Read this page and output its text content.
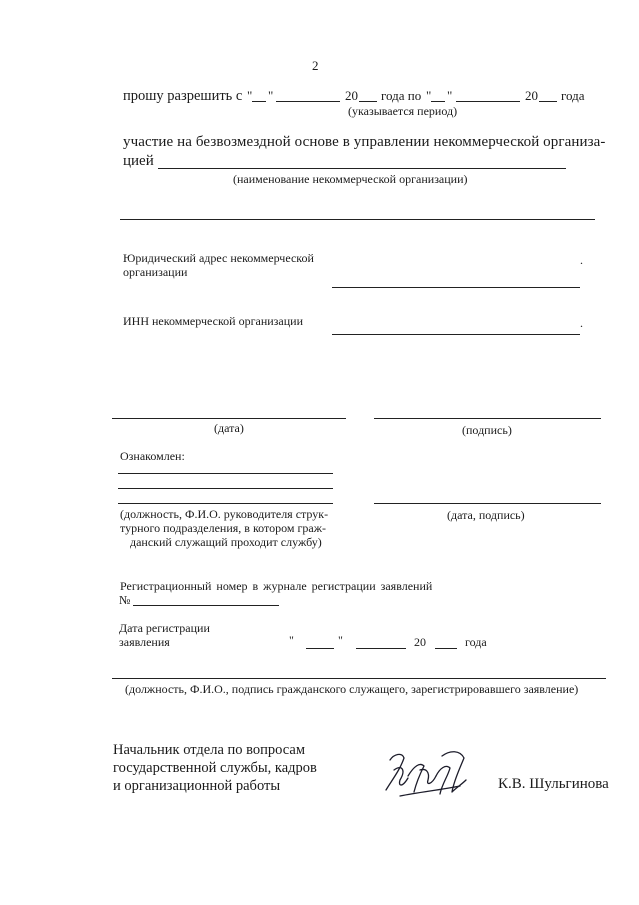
2
прошу разрешить с " "	20 года по " "	20 года
(указывается период)
участие на безвозмездной основе в управлении некоммерческой организа-
цией
(наименование некоммерческой организации)
Юридический адрес некоммерческой
организации
.
ИНН некоммерческой организации	.
(дата)	(подпись)
Ознакомлен:
(должность, Ф.И.О. руководителя струк-
турного подразделения, в котором граж-
данский служащий проходит службу)
(дата, подпись)
Регистрационный номер в журнале регистрации заявлений
№
Дата регистрации
заявления	"	"	20	года
(должность, Ф.И.О., подпись гражданского служащего, зарегистрировавшего заявление)
Начальник отдела по вопросам
государственной службы, кадров
и организационной работы	К.В. Шульгинова
